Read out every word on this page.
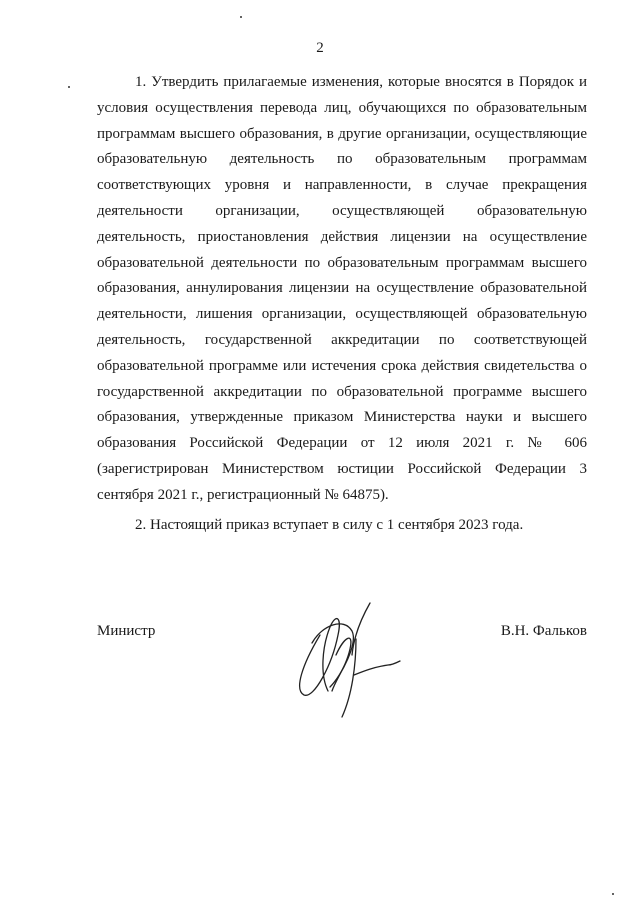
2

1. Утвердить прилагаемые изменения, которые вносятся в Порядок и условия осуществления перевода лиц, обучающихся по образовательным программам высшего образования, в другие организации, осуществляющие образовательную деятельность по образовательным программам соответствующих уровня и направленности, в случае прекращения деятельности организации, осуществляющей образовательную деятельность, приостановления действия лицензии на осуществление образовательной деятельности по образовательным программам высшего образования, аннулирования лицензии на осуществление образовательной деятельности, лишения организации, осуществляющей образовательную деятельность, государственной аккредитации по соответствующей образовательной программе или истечения срока действия свидетельства о государственной аккредитации по образовательной программе высшего образования, утвержденные приказом Министерства науки и высшего образования Российской Федерации от 12 июля 2021 г. № 606 (зарегистрирован Министерством юстиции Российской Федерации 3 сентября 2021 г., регистрационный № 64875).

2. Настоящий приказ вступает в силу с 1 сентября 2023 года.

Министр	В.Н. Фальков
